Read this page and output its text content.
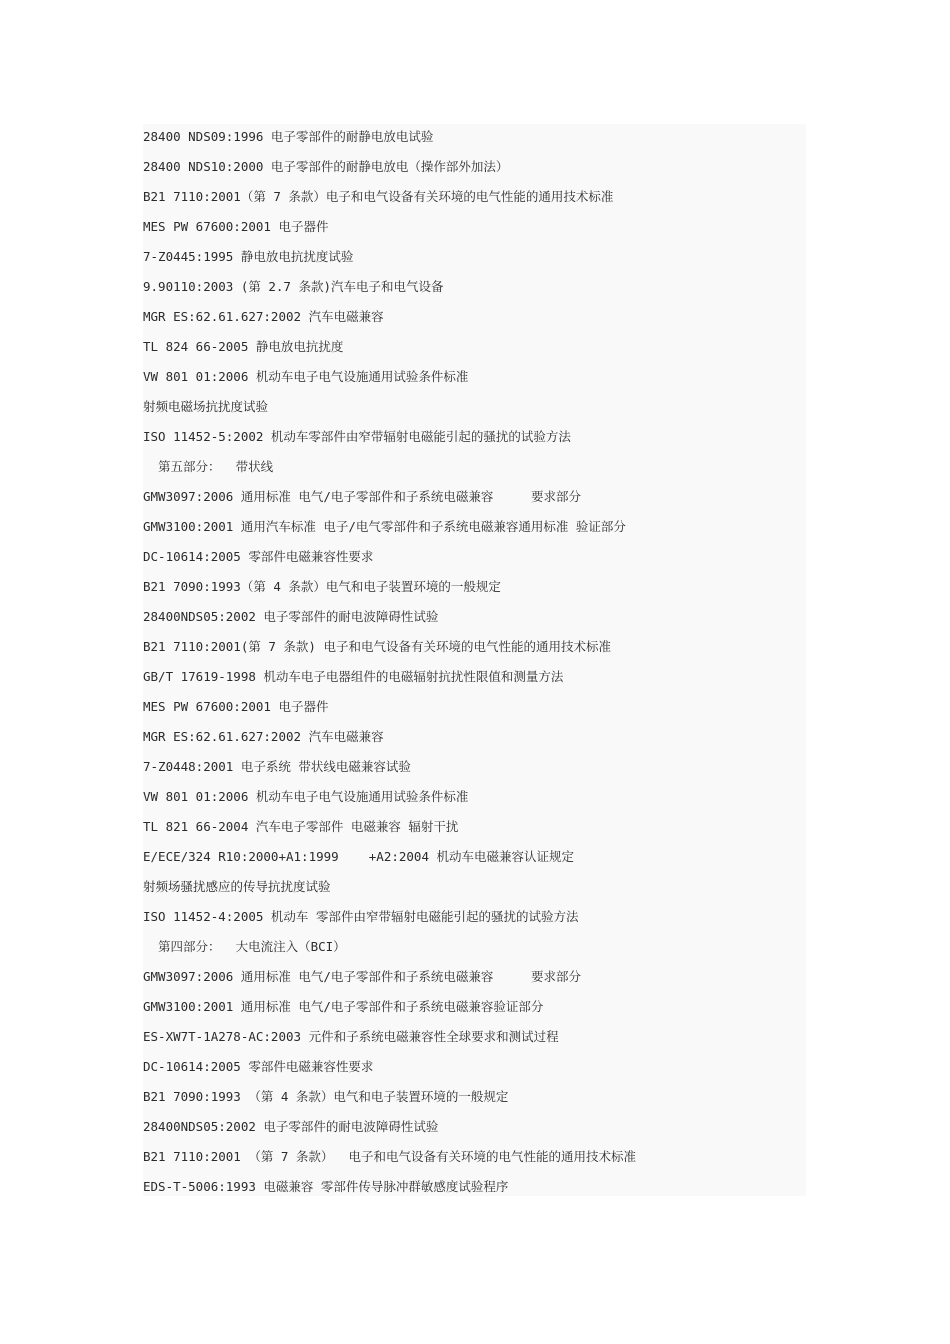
28400 NDS09:1996 电子零部件的耐静电放电试验
28400 NDS10:2000 电子零部件的耐静电放电（操作部外加法）
B21 7110:2001（第 7 条款）电子和电气设备有关环境的电气性能的通用技术标准
MES PW 67600:2001 电子器件
7-Z0445:1995 静电放电抗扰度试验
9.90110:2003 (第 2.7 条款)汽车电子和电气设备
MGR ES:62.61.627:2002 汽车电磁兼容
TL 824 66-2005 静电放电抗扰度
VW 801 01:2006 机动车电子电气设施通用试验条件标准
射频电磁场抗扰度试验
ISO 11452-5:2002 机动车零部件由窄带辐射电磁能引起的骚扰的试验方法
第五部分：  带状线
GMW3097:2006 通用标准 电气/电子零部件和子系统电磁兼容     要求部分
GMW3100:2001 通用汽车标准 电子/电气零部件和子系统电磁兼容通用标准 验证部分
DC-10614:2005 零部件电磁兼容性要求
B21 7090:1993（第 4 条款）电气和电子装置环境的一般规定
28400NDS05:2002 电子零部件的耐电波障碍性试验
B21 7110:2001(第 7 条款) 电子和电气设备有关环境的电气性能的通用技术标准
GB/T 17619-1998 机动车电子电器组件的电磁辐射抗扰性限值和测量方法
MES PW 67600:2001 电子器件
MGR ES:62.61.627:2002 汽车电磁兼容
7-Z0448:2001 电子系统 带状线电磁兼容试验
VW 801 01:2006 机动车电子电气设施通用试验条件标准
TL 821 66-2004 汽车电子零部件 电磁兼容 辐射干扰
E/ECE/324 R10:2000+A1:1999    +A2:2004 机动车电磁兼容认证规定
射频场骚扰感应的传导抗扰度试验
ISO 11452-4:2005 机动车 零部件由窄带辐射电磁能引起的骚扰的试验方法
第四部分：  大电流注入（BCI）
GMW3097:2006 通用标准 电气/电子零部件和子系统电磁兼容     要求部分
GMW3100:2001 通用标准 电气/电子零部件和子系统电磁兼容验证部分
ES-XW7T-1A278-AC:2003 元件和子系统电磁兼容性全球要求和测试过程
DC-10614:2005 零部件电磁兼容性要求
B21 7090:1993 （第 4 条款）电气和电子装置环境的一般规定
28400NDS05:2002 电子零部件的耐电波障碍性试验
B21 7110:2001 （第 7 条款）  电子和电气设备有关环境的电气性能的通用技术标准
EDS-T-5006:1993 电磁兼容 零部件传导脉冲群敏感度试验程序
